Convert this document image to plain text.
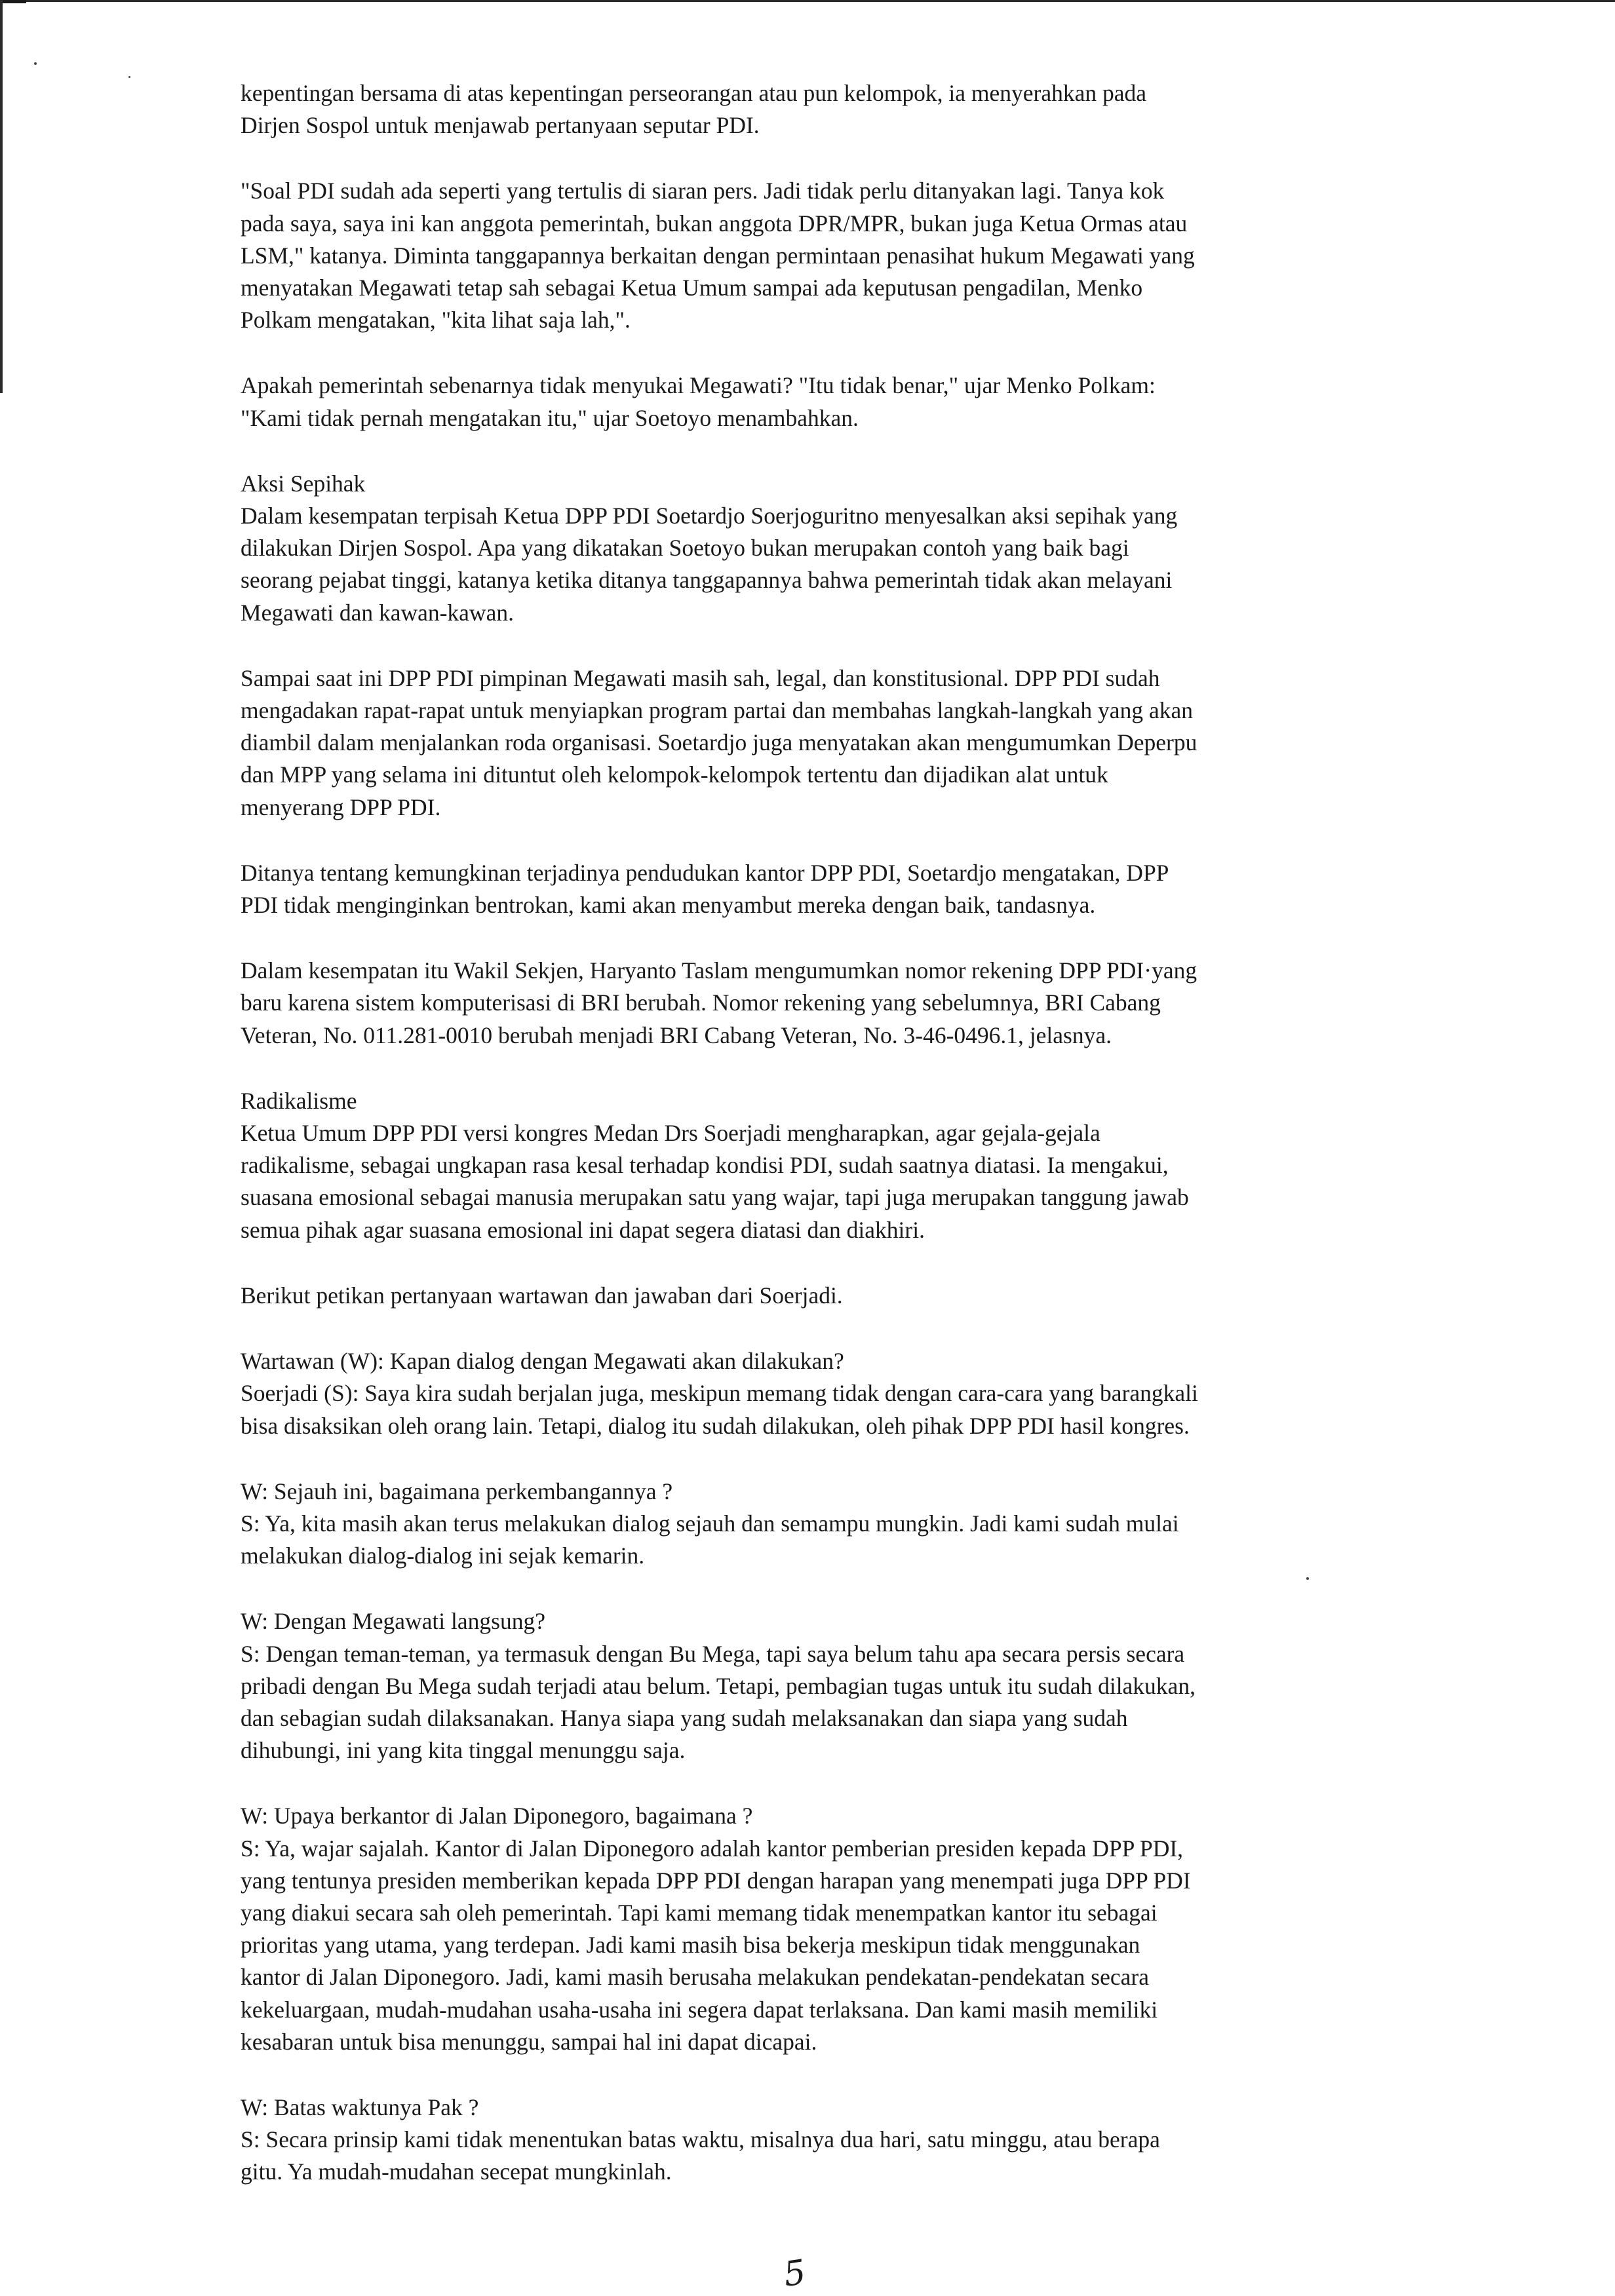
kepentingan bersama di atas kepentingan perseorangan atau pun kelompok, ia menyerahkan pada
Dirjen Sospol untuk menjawab pertanyaan seputar PDI.

"Soal PDI sudah ada seperti yang tertulis di siaran pers. Jadi tidak perlu ditanyakan lagi. Tanya kok
pada saya, saya ini kan anggota pemerintah, bukan anggota DPR/MPR, bukan juga Ketua Ormas atau
LSM," katanya. Diminta tanggapannya berkaitan dengan permintaan penasihat hukum Megawati yang
menyatakan Megawati tetap sah sebagai Ketua Umum sampai ada keputusan pengadilan, Menko
Polkam mengatakan, "kita lihat saja lah,".

Apakah pemerintah sebenarnya tidak menyukai Megawati? "Itu tidak benar," ujar Menko Polkam:
"Kami tidak pernah mengatakan itu," ujar Soetoyo menambahkan.

Aksi Sepihak
Dalam kesempatan terpisah Ketua DPP PDI Soetardjo Soerjoguritno menyesalkan aksi sepihak yang
dilakukan Dirjen Sospol. Apa yang dikatakan Soetoyo bukan merupakan contoh yang baik bagi
seorang pejabat tinggi, katanya ketika ditanya tanggapannya bahwa pemerintah tidak akan melayani
Megawati dan kawan-kawan.

Sampai saat ini DPP PDI pimpinan Megawati masih sah, legal, dan konstitusional. DPP PDI sudah
mengadakan rapat-rapat untuk menyiapkan program partai dan membahas langkah-langkah yang akan
diambil dalam menjalankan roda organisasi. Soetardjo juga menyatakan akan mengumumkan Deperpu
dan MPP yang selama ini dituntut oleh kelompok-kelompok tertentu dan dijadikan alat untuk
menyerang DPP PDI.

Ditanya tentang kemungkinan terjadinya pendudukan kantor DPP PDI, Soetardjo mengatakan, DPP
PDI tidak menginginkan bentrokan, kami akan menyambut mereka dengan baik, tandasnya.

Dalam kesempatan itu Wakil Sekjen, Haryanto Taslam mengumumkan nomor rekening DPP PDI·yang
baru karena sistem komputerisasi di BRI berubah. Nomor rekening yang sebelumnya, BRI Cabang
Veteran, No. 011.281-0010 berubah menjadi BRI Cabang Veteran, No. 3-46-0496.1, jelasnya.

Radikalisme
Ketua Umum DPP PDI versi kongres Medan Drs Soerjadi mengharapkan, agar gejala-gejala
radikalisme, sebagai ungkapan rasa kesal terhadap kondisi PDI, sudah saatnya diatasi. Ia mengakui,
suasana emosional sebagai manusia merupakan satu yang wajar, tapi juga merupakan tanggung jawab
semua pihak agar suasana emosional ini dapat segera diatasi dan diakhiri.

Berikut petikan pertanyaan wartawan dan jawaban dari Soerjadi.

Wartawan (W): Kapan dialog dengan Megawati akan dilakukan?
Soerjadi (S): Saya kira sudah berjalan juga, meskipun memang tidak dengan cara-cara yang barangkali
bisa disaksikan oleh orang lain. Tetapi, dialog itu sudah dilakukan, oleh pihak DPP PDI hasil kongres.

W: Sejauh ini, bagaimana perkembangannya ?
S: Ya, kita masih akan terus melakukan dialog sejauh dan semampu mungkin. Jadi kami sudah mulai
melakukan dialog-dialog ini sejak kemarin.

W: Dengan Megawati langsung?
S: Dengan teman-teman, ya termasuk dengan Bu Mega, tapi saya belum tahu apa secara persis secara
pribadi dengan Bu Mega sudah terjadi atau belum. Tetapi, pembagian tugas untuk itu sudah dilakukan,
dan sebagian sudah dilaksanakan. Hanya siapa yang sudah melaksanakan dan siapa yang sudah
dihubungi, ini yang kita tinggal menunggu saja.

W: Upaya berkantor di Jalan Diponegoro, bagaimana ?
S: Ya, wajar sajalah. Kantor di Jalan Diponegoro adalah kantor pemberian presiden kepada DPP PDI,
yang tentunya presiden memberikan kepada DPP PDI dengan harapan yang menempati juga DPP PDI
yang diakui secara sah oleh pemerintah. Tapi kami memang tidak menempatkan kantor itu sebagai
prioritas yang utama, yang terdepan. Jadi kami masih bisa bekerja meskipun tidak menggunakan
kantor di Jalan Diponegoro. Jadi, kami masih berusaha melakukan pendekatan-pendekatan secara
kekeluargaan, mudah-mudahan usaha-usaha ini segera dapat terlaksana. Dan kami masih memiliki
kesabaran untuk bisa menunggu, sampai hal ini dapat dicapai.

W: Batas waktunya Pak ?
S: Secara prinsip kami tidak menentukan batas waktu, misalnya dua hari, satu minggu, atau berapa
gitu. Ya mudah-mudahan secepat mungkinlah.

5
